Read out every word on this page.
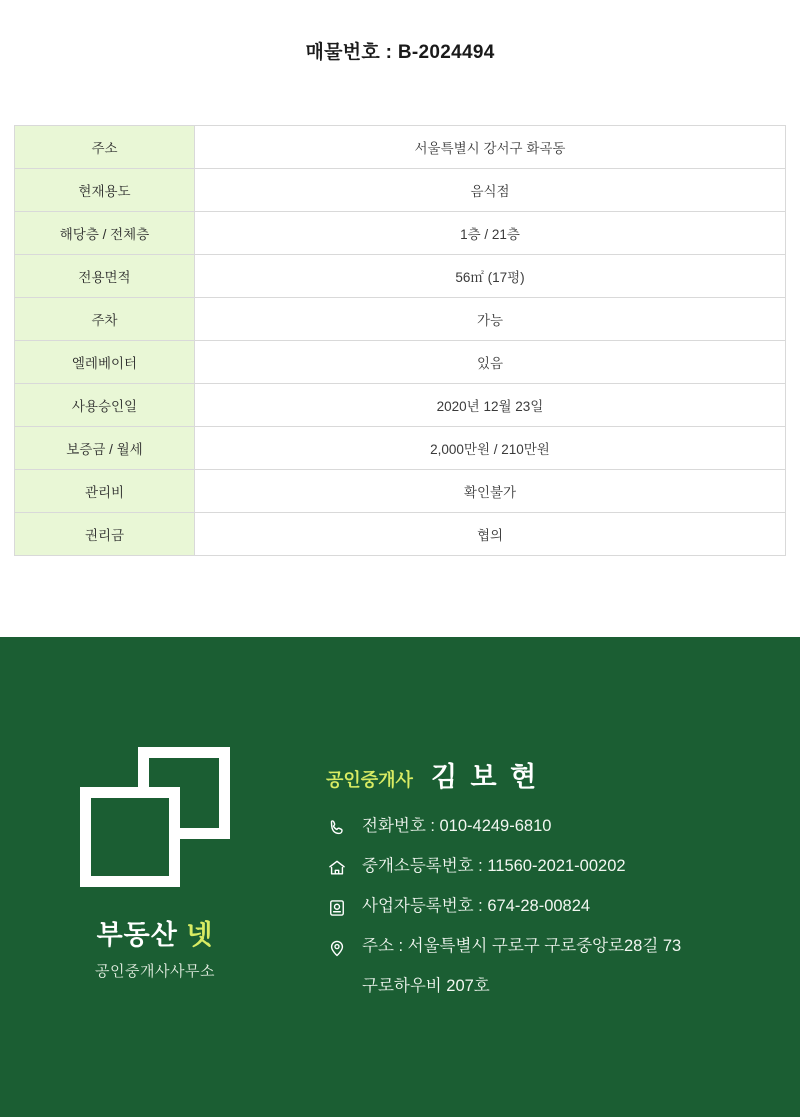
매물번호 : B-2024494
주소	서울특별시 강서구 화곡동
현재용도	음식점
해당층 / 전체층	1층 / 21층
전용면적	56㎡ (17평)
주차	가능
엘레베이터	있음
사용승인일	2020년 12월 23일
보증금 / 월세	2,000만원 / 210만원
관리비	확인불가
권리금	협의
부동산 넷
공인중개사사무소
공인중개사 김 보 현
전화번호 : 010-4249-6810
중개소등록번호 : 11560-2021-00202
사업자등록번호 : 674-28-00824
주소 : 서울특별시 구로구 구로중앙로28길 73
구로하우비 207호
